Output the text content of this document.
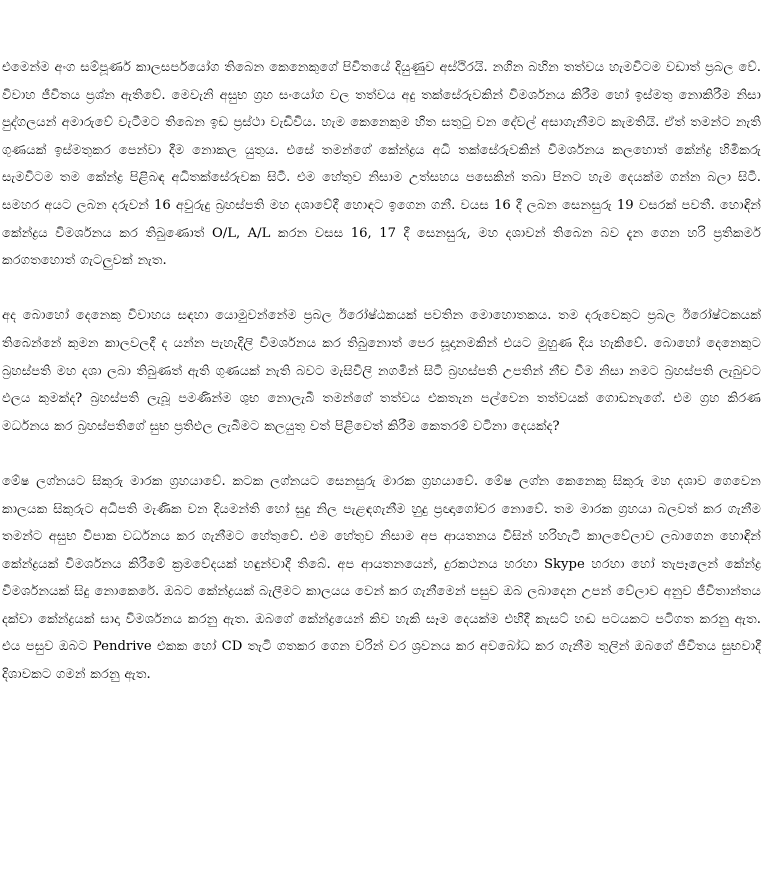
එමෙන්ම අංග සම්පූර්ණ කාලසර්පයෝග තිබෙන කෙනෙකුගේ පිවිතයේ දියුණුව අස්ථිරයි. නගින බහින තත්වය හැමවිටම වඩාත් ප්‍රබල වේ. විවාහ ජීවිතය ප්‍රශ්න ඇතිවේ. මෙවැනි අසුභ ග්‍රහ සංයෝග වල තත්වය අදු තක්සේරුවකින් විමර්ශනය කිරීම හෝ ඉස්මතු නොකිරීම නිසා පුද්ගලයන් අමාරුවේ වැටීමට තිබෙන ඉඩ ප්‍රස්ථා වැඩිවිය. හැම කෙනෙකුම හිත සතුටු වන දේවල් අසාගැනීමට කැමතියි. ඒත් තමන්ට නැති ගුණයක් ඉස්මතුකර පෙන්වා දීම නොකල යුතුය. එසේ තමන්ගේ කේන්ද්‍රය අධි තක්සේරුවකින් විමර්ශනය කලහොත් කේන්ද්‍ර හිමිකරු සැමවිටම තම කේන්ද්‍ර පිළිබඳ අධිතක්සේරුවක සිටී. එම හේතුව නිසාම උත්සහය පසෙකින් තබා පිනට හැම දෙයක්ම ගන්න බලා සිටී. සමහර අයට ලබන දරුවන් 16 අවුරුදු බ්‍රහස්පති මහ දශාවේදී හොඳට ඉගෙන ගනී. වයස 16 දී ලබන සෙනසුරු 19 වසරක් පවතී. හොඳින් කේන්ද්‍රය විමර්ශනය කර තිබුණොත් O/L, A/L කරන වසස 16, 17 දී සෙනසුරු, මහ දශාවන් තිබෙන බව දැන ගෙන හරි ප්‍රතිකර්ම කරගතහොත් ගැටලුවක් නැත.

අද බොහෝ දෙනෙකු විවාහය සඳහා යොමුවන්නේම ප්‍රබල ඊරෝෂ්ඨකයක් පවතින මොහොතකය. තම දරුවෙකුට ප්‍රබල ඊරෝෂ්ටකයක් තිබෙන්නේ කුමන කාලවලදී ද යන්න පැහැදිලි විමර්ශනය කර තිබුනොත් පෙර සූදානමකින් එයට මුහුණ දිය හැකිවේ. බොහෝ දෙනෙකුට බ්‍රහස්පති මහ දශා ලබා තිබුණත් ඇති ගුණයක් නැති බවට මැසිවිලි නගමින් සිටී බ්‍රහස්පති උපතින් නීච වීම නිසා නමට බ්‍රහස්පති ලැබුවට ඵලය කුමක්ද? බ්‍රහස්පති ලැබූ පමණින්ම ශුභ නොලැබී තමන්ගේ තත්වය එකතැන පල්වෙන තත්වයක් ගොඩනැගේ. එම ග්‍රහ කිරණ මර්ධනය කර බ්‍රහස්පතිගේ සුභ ප්‍රතිඵල ලැබීමට කලයුතු වත් පිළිවෙත් කිරීම කෙතරම් වටිනා දෙයක්ද?

මේෂ ලග්නයට සිකුරු මාරක ග්‍රහයාවේ. කටක ලග්නයට සෙනසුරු මාරක ග්‍රහයාවේ. මේෂ ලග්න කෙනෙකු සිකුරු මහ දශාව ගෙවෙන කාලයක සිකුරුට අධිපති මැණික වන දියමන්ති හෝ සුදු නිල පැළඳගැනීම හුදු ප්‍රඥාගෝචර නොවේ. තම මාරක ග්‍රහයා බලවත් කර ගැනීම තමන්ට අසුභ විපාක වර්ධනය කර ගැනීමට හේතුවේ. එම හේතුව නිසාම අප ආයතනය විසින් හරිහැටි කාලවේලාව ලබාගෙන හොඳින් කේන්ද්‍රයක් විමර්ශනය කිරීමේ ක්‍රමවේදයක් හඳුන්වාදී තිබේ. අප ආයතනයෙන්, දුරකථනය හරහා Skype හරහා හෝ තැපෑලෙන් කේන්ද්‍ර විමර්ශනයක් සිදු නොකෙරේ. ඔබට කේන්ද්‍රයක් බැලීමට කාලයය වෙන් කර ගැනීමෙන් පසුව ඔබ ලබාදෙන උපන් වේලාව අනුව ජීවිතාන්තය දක්වා කේන්ද්‍රයක් සාදා විමර්ශනය කරනු ඇත. ඔබගේ කේන්ද්‍රයෙන් කිව හැකි සෑම දෙයක්ම එහිදී කැසට් හඬ පටයකට පටිගත කරනු ඇත. එය පසුව ඔබට Pendrive එකක හෝ CD තැටි ගතකර ගෙන වරින් වර ශ්‍රවනය කර අවබෝධ කර ගැනීම තුලින් ඔබගේ ජීවිතය සුභවාදී දිශාවකට ගමන් කරනු ඇත.
